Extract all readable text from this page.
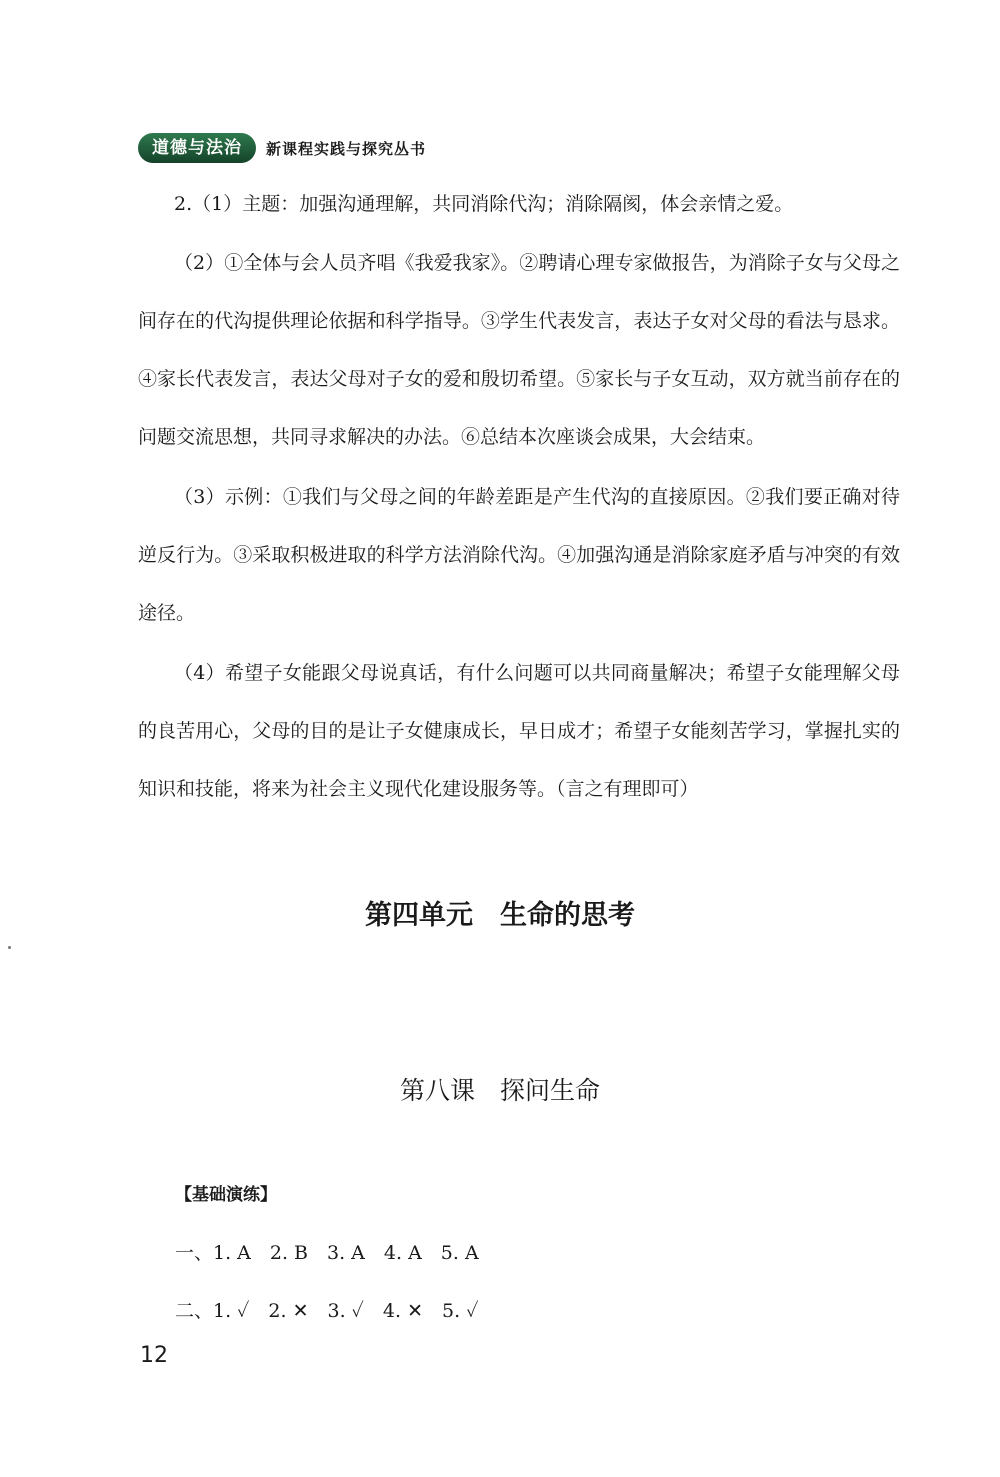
道德与法治	新课程实践与探究丛书
2.（1）主题：加强沟通理解，共同消除代沟；消除隔阂，体会亲情之爱。
（2）①全体与会人员齐唱《我爱我家》。②聘请心理专家做报告，为消除子女与父母之间存在的代沟提供理论依据和科学指导。③学生代表发言，表达子女对父母的看法与恳求。④家长代表发言，表达父母对子女的爱和殷切希望。⑤家长与子女互动，双方就当前存在的问题交流思想，共同寻求解决的办法。⑥总结本次座谈会成果，大会结束。
（3）示例：①我们与父母之间的年龄差距是产生代沟的直接原因。②我们要正确对待逆反行为。③采取积极进取的科学方法消除代沟。④加强沟通是消除家庭矛盾与冲突的有效途径。
（4）希望子女能跟父母说真话，有什么问题可以共同商量解决；希望子女能理解父母的良苦用心，父母的目的是让子女健康成长，早日成才；希望子女能刻苦学习，掌握扎实的知识和技能，将来为社会主义现代化建设服务等。（言之有理即可）
第四单元　生命的思考
第八课　探问生命
【基础演练】
一、1. A　2. B　3. A　4. A　5. A
二、1. ✓　2. ✕　3. ✓　4. ✕　5. ✓
12
